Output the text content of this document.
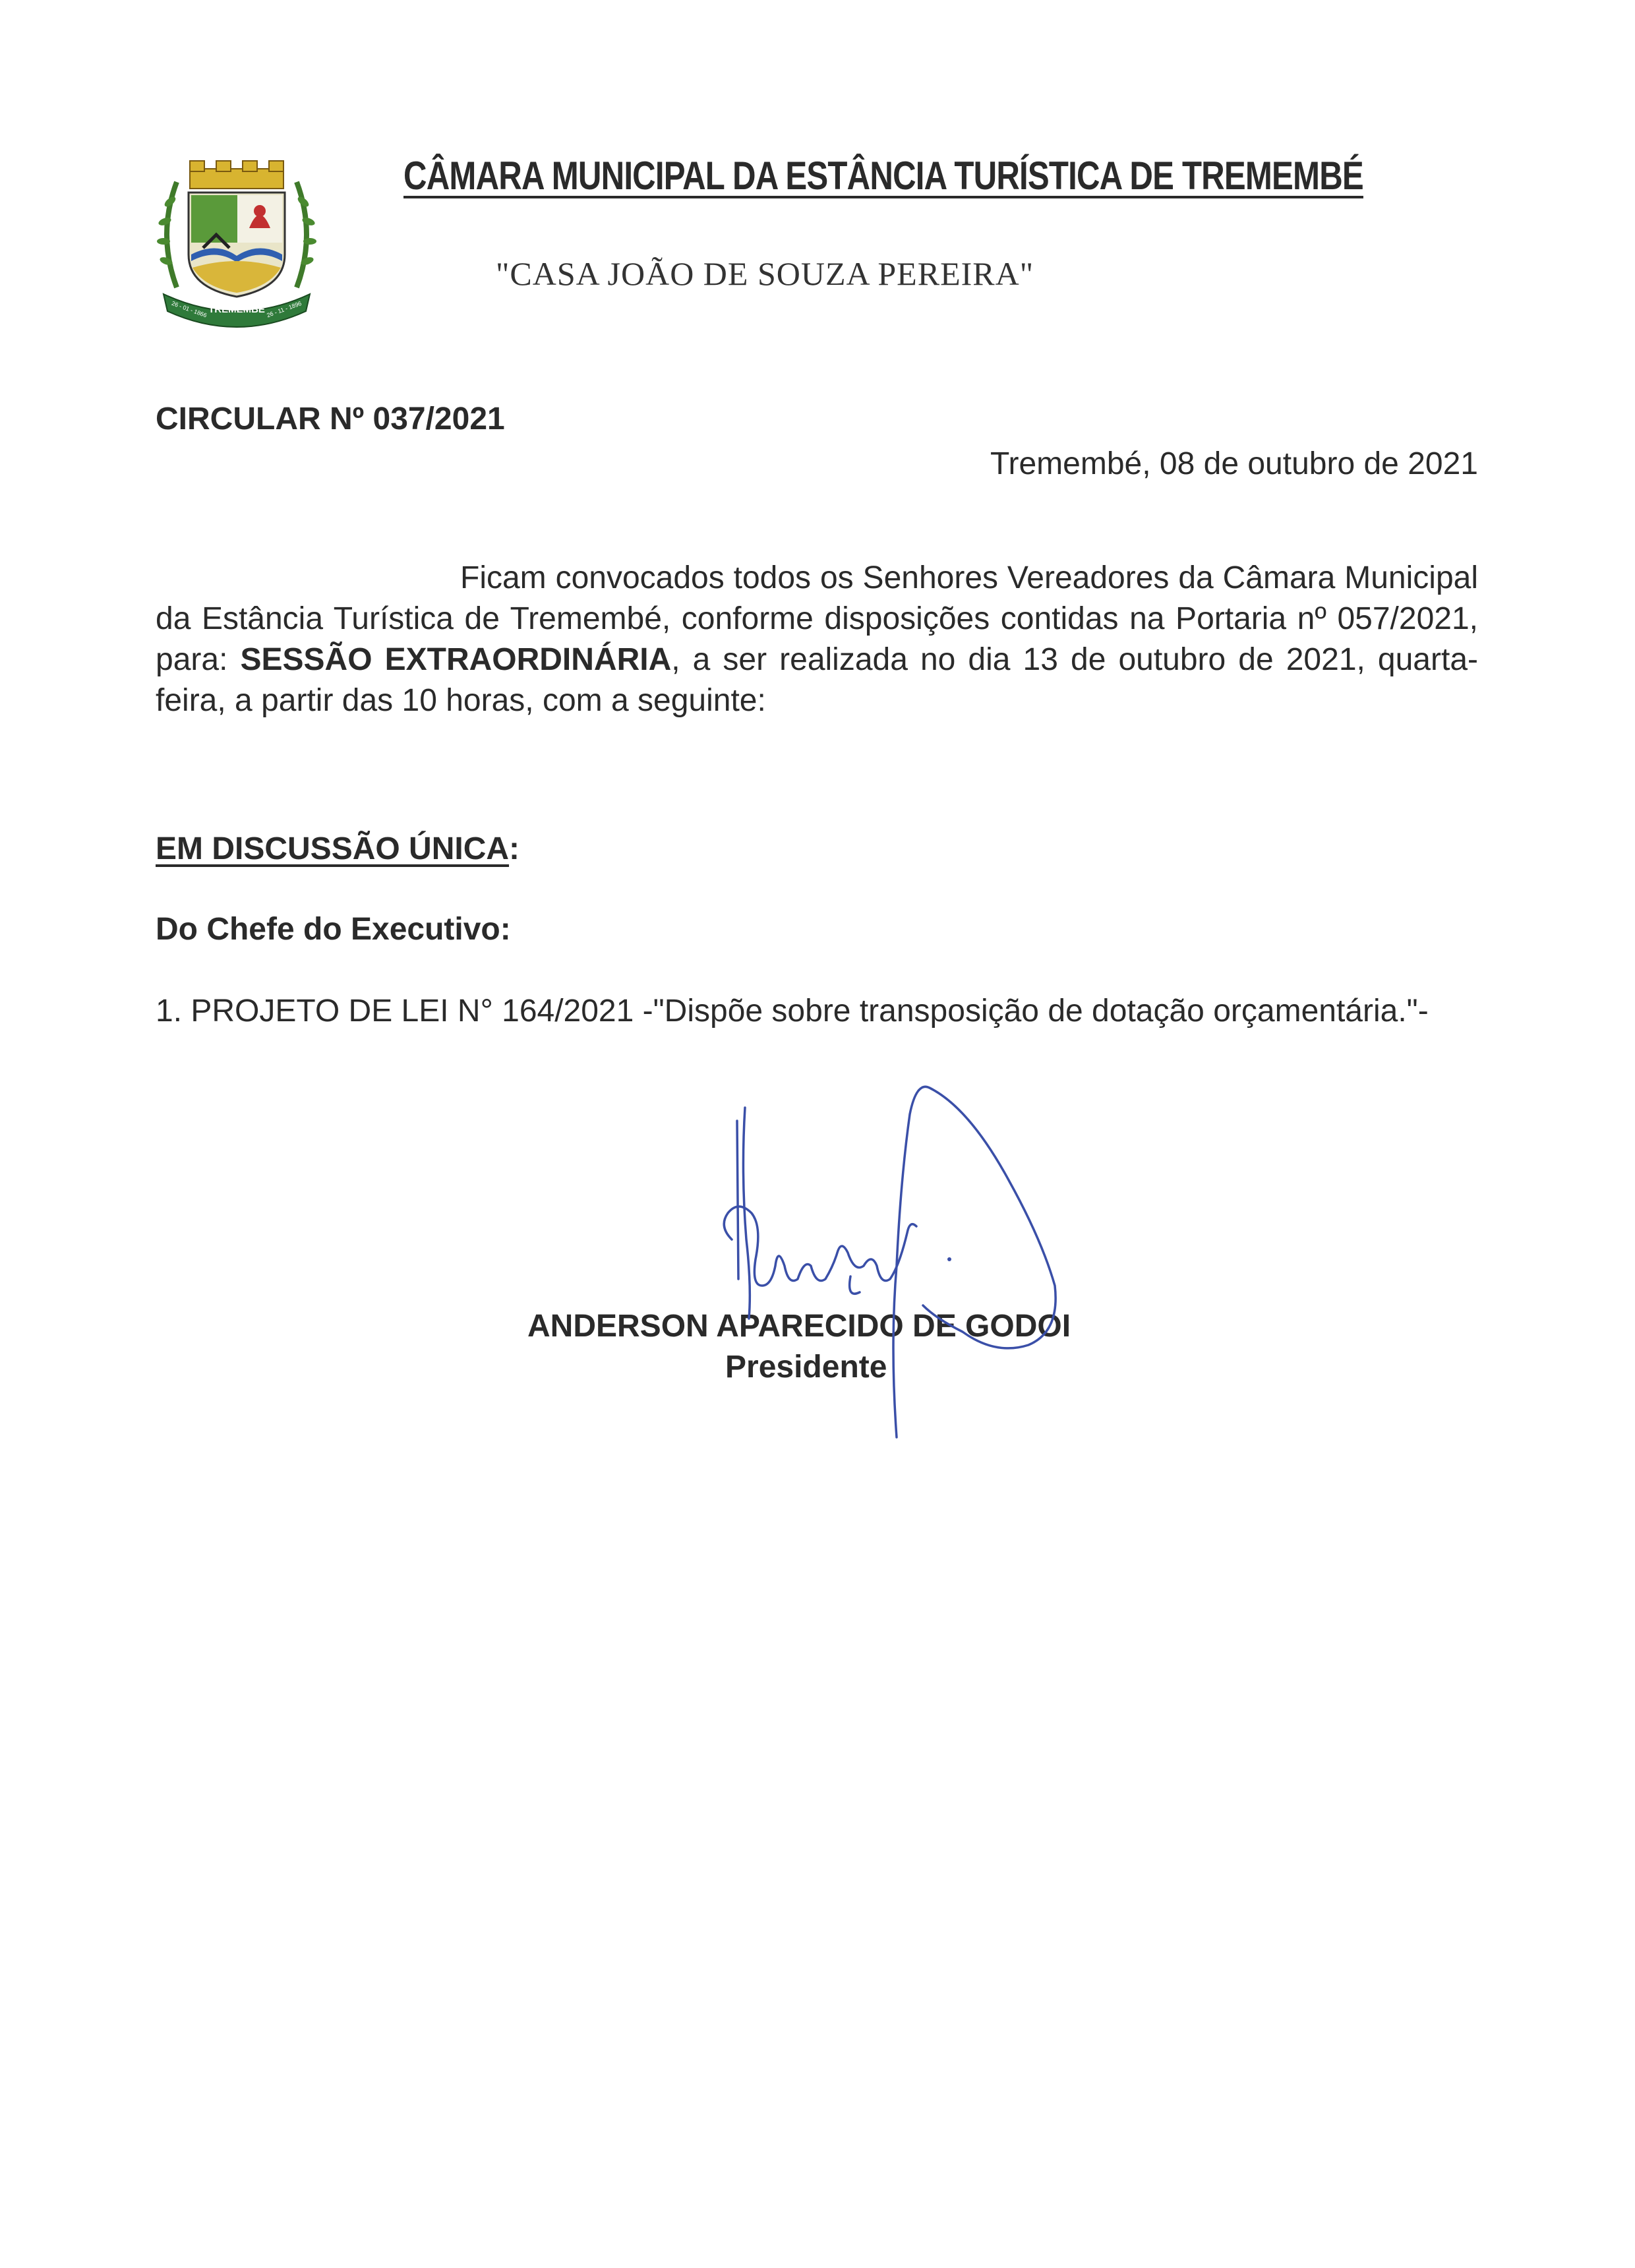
TREMEMBÉ
26 - 01 - 1866	26 - 11 - 1896
CÂMARA MUNICIPAL DA ESTÂNCIA TURÍSTICA DE TREMEMBÉ

"CASA JOÃO DE SOUZA PEREIRA"

CIRCULAR Nº 037/2021

Tremembé, 08 de outubro de 2021

Ficam convocados todos os Senhores Vereadores da Câmara Municipal da Estância Turística de Tremembé, conforme disposições contidas na Portaria nº 057/2021, para: SESSÃO EXTRAORDINÁRIA, a ser realizada no dia 13 de outubro de 2021, quarta-feira, a partir das 10 horas, com a seguinte:

EM DISCUSSÃO ÚNICA:

Do Chefe do Executivo:

1. PROJETO DE LEI N° 164/2021 -"Dispõe sobre transposição de dotação orçamentária."-

ANDERSON APARECIDO DE GODOI

Presidente
